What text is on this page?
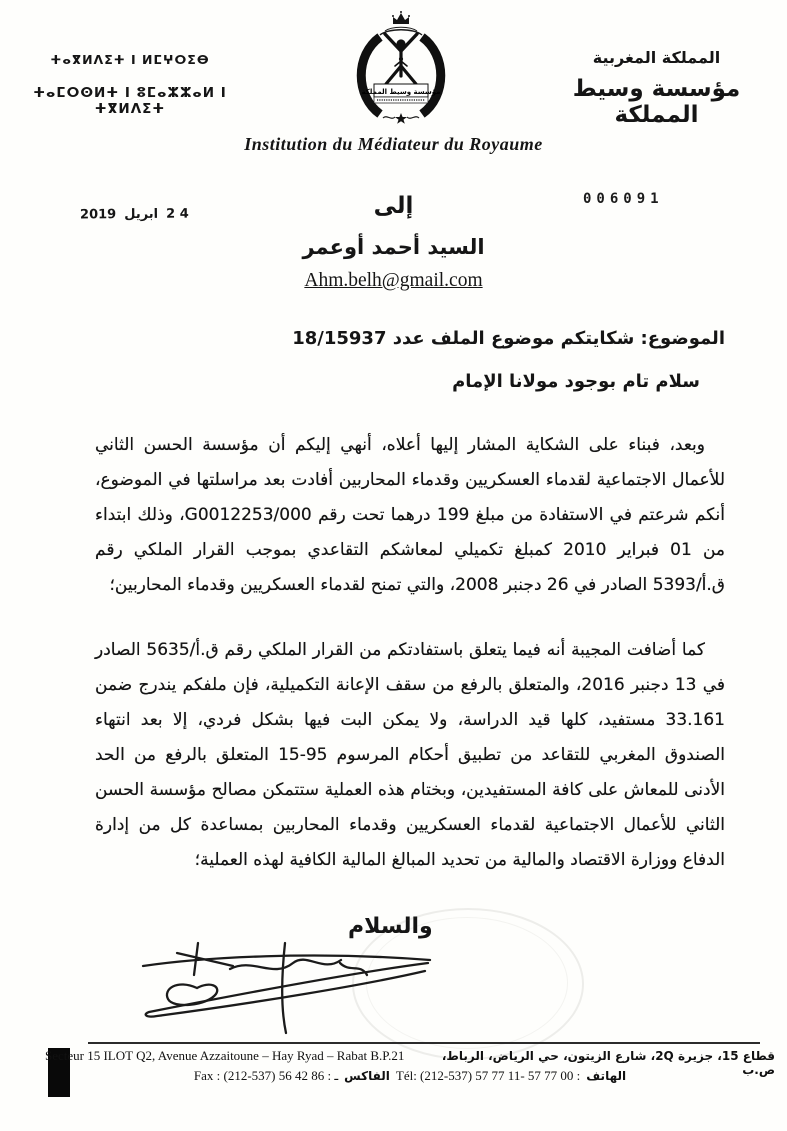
ⵜⴰⴳⵍⴷⵉⵜ ⵏ ⵍⵎⵖⵔⵉⴱ
ⵜⴰⵎⵔⵙⵍⵜ ⵏ ⵓⵎⴰⵣⵣⴰⵍ ⵏ ⵜⴳⵍⴷⵉⵜ
مؤسسة وسيط المملكة
المملكة المغربية
مؤسسة وسيط المملكة
Institution du Médiateur du Royaume
006091
2019 ابريل 2 4	إلى
السيد أحمد أوعمر
Ahm.belh@gmail.com
الموضوع: شكايتكم موضوع الملف عدد 18/15937
سلام تام بوجود مولانا الإمام
وبعد، فبناء على الشكاية المشار إليها أعلاه، أنهي إليكم أن مؤسسة الحسن الثاني للأعمال الاجتماعية لقدماء العسكريين وقدماء المحاربين أفادت بعد مراسلتها في الموضوع، أنكم شرعتم في الاستفادة من مبلغ 199 درهما تحت رقم G0012253/000، وذلك ابتداء من 01 فبراير 2010 كمبلغ تكميلي لمعاشكم التقاعدي بموجب القرار الملكي رقم ق.أ/5393 الصادر في 26 دجنبر 2008، والتي تمنح لقدماء العسكريين وقدماء المحاربين؛
كما أضافت المجيبة أنه فيما يتعلق باستفادتكم من القرار الملكي رقم ق.أ/5635 الصادر في 13 دجنبر 2016، والمتعلق بالرفع من سقف الإعانة التكميلية، فإن ملفكم يندرج ضمن 33.161 مستفيد، كلها قيد الدراسة، ولا يمكن البت فيها بشكل فردي، إلا بعد انتهاء الصندوق المغربي للتقاعد من تطبيق أحكام المرسوم ‎15-95‎ المتعلق بالرفع من الحد الأدنى للمعاش على كافة المستفيدين، وبختام هذه العملية ستتمكن مصالح مؤسسة الحسن الثاني للأعمال الاجتماعية لقدماء العسكريين وقدماء المحاربين بمساعدة كل من إدارة الدفاع ووزارة الاقتصاد والمالية من تحديد المبالغ المالية الكافية لهذه العملية؛
والسلام
Secteur 15 ILOT Q2, Avenue Azzaitoune – Hay Ryad – Rabat B.P.21	قطاع 15، جزيرة 2Q، شارع الزيتون، حي الرياض، الرباط، ص.ب
Fax : (212-537) 56 42 86 : ـ الفاكس Tél: (212-537) 57 77 11- 57 77 00 : الهاتف
